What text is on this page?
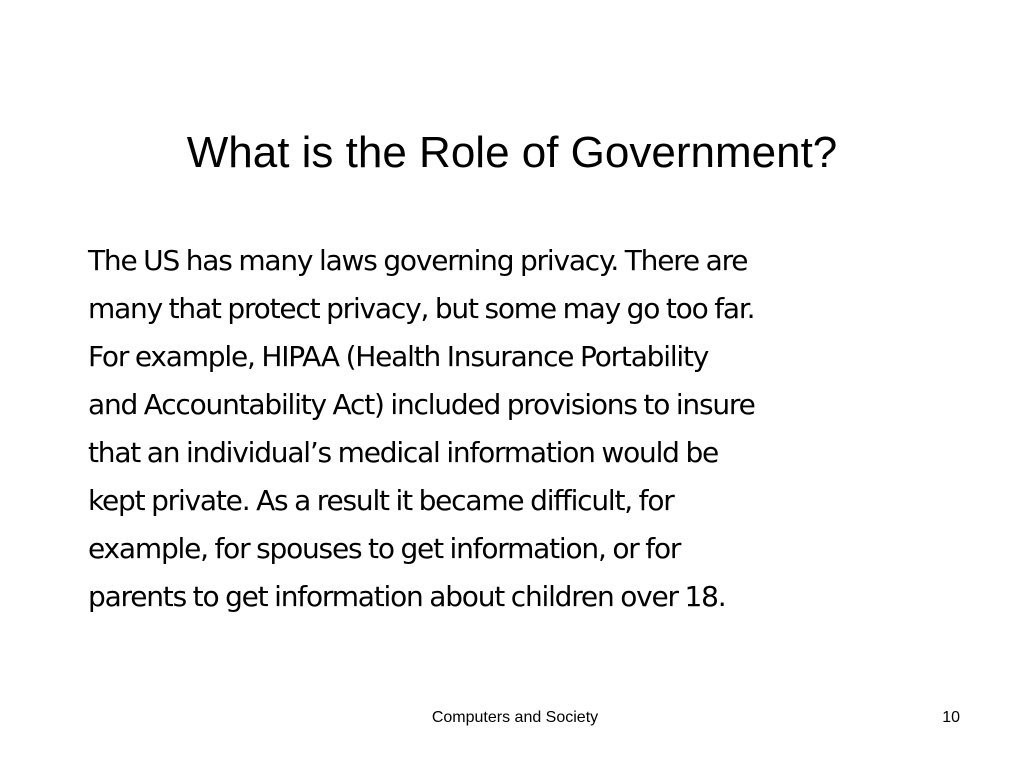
What is the Role of Government?

The US has many laws governing privacy. There are
many that protect privacy, but some may go too far.
For example, HIPAA (Health Insurance Portability
and Accountability Act) included provisions to insure
that an individual’s medical information would be
kept private. As a result it became difficult, for
example, for spouses to get information, or for
parents to get information about children over 18.

Computers and Society	10
